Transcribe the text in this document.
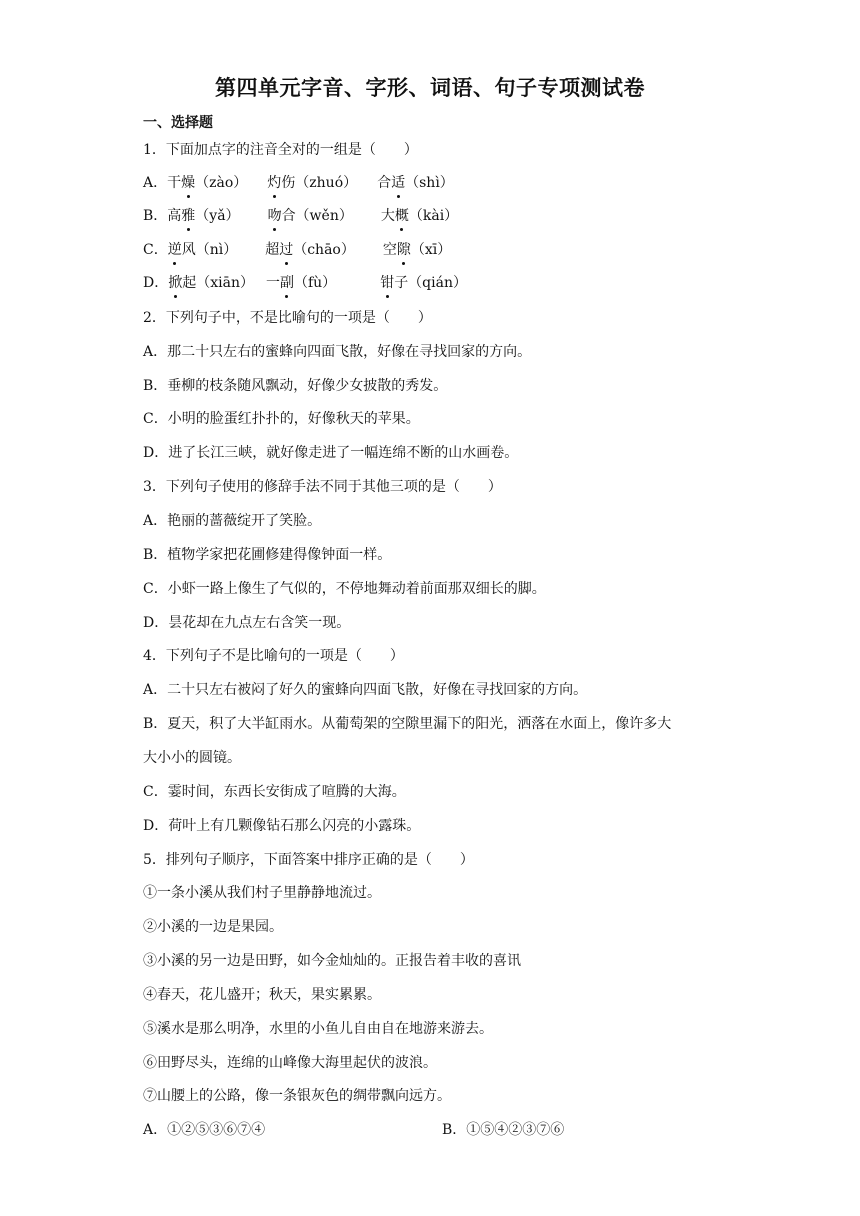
第四单元字音、字形、词语、句子专项测试卷
一、选择题
1．下面加点字的注音全对的一组是（　　）
A．干燥（zào） 灼伤（zhuó） 合适（shì）
B．高雅（yǎ） 吻合（wěn） 大概（kài）
C．逆风（nì） 超过（chāo） 空隙（xī）
D．掀起（xiān） 一副（fù）	钳子（qián）
2．下列句子中，不是比喻句的一项是（　　）
A．那二十只左右的蜜蜂向四面飞散，好像在寻找回家的方向。
B．垂柳的枝条随风飘动，好像少女披散的秀发。
C．小明的脸蛋红扑扑的，好像秋天的苹果。
D．进了长江三峡，就好像走进了一幅连绵不断的山水画卷。
3．下列句子使用的修辞手法不同于其他三项的是（　　）
A．艳丽的蔷薇绽开了笑脸。
B．植物学家把花圃修建得像钟面一样。
C．小虾一路上像生了气似的，不停地舞动着前面那双细长的脚。
D．昙花却在九点左右含笑一现。
4．下列句子不是比喻句的一项是（　　）
A．二十只左右被闷了好久的蜜蜂向四面飞散，好像在寻找回家的方向。
B．夏天，积了大半缸雨水。从葡萄架的空隙里漏下的阳光，洒落在水面上，像许多大
大小小的圆镜。
C．霎时间，东西长安街成了喧腾的大海。
D．荷叶上有几颗像钻石那么闪亮的小露珠。
5．排列句子顺序，下面答案中排序正确的是（　　）
①一条小溪从我们村子里静静地流过。
②小溪的一边是果园。
③小溪的另一边是田野，如今金灿灿的。正报告着丰收的喜讯
④春天，花儿盛开；秋天，果实累累。
⑤溪水是那么明净，水里的小鱼儿自由自在地游来游去。
⑥田野尽头，连绵的山峰像大海里起伏的波浪。
⑦山腰上的公路，像一条银灰色的绸带飘向远方。
A．①②⑤③⑥⑦④	B．①⑤④②③⑦⑥
